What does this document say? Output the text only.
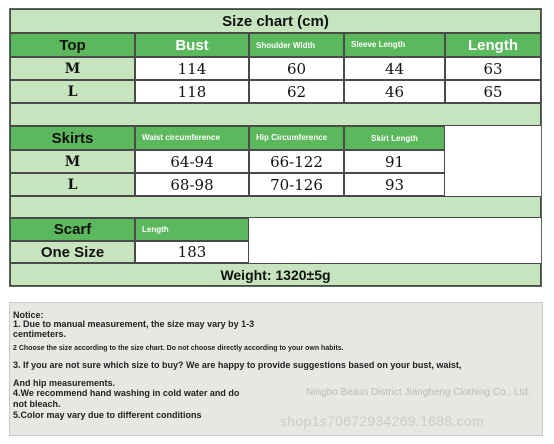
Size chart (cm)
Top	Bust	Shoulder Width	Sleeve Length	Length
M	114	60	44	63
L	118	62	46	65
Skirts	Waist circumference	Hip Circumference	Skirt Length
M	64-94	66-122	91
L	68-98	70-126	93
Scarf	Length
One Size	183
Weight: 1320±5g
Notice:
1. Due to manual measurement, the size may vary by 1-3
centimeters.
2 Choose the size according to the size chart. Do not choose directly according to your own habits.
3. If you are not sure which size to buy? We are happy to provide suggestions based on your bust, waist,
And hip measurements.
4.We recommend hand washing in cold water and do
not bleach.
5.Color may vary due to different conditions
Ningbo Beilun District Jiangheng Clothing Co., Ltd.
shop1s70672934269.1688.com
